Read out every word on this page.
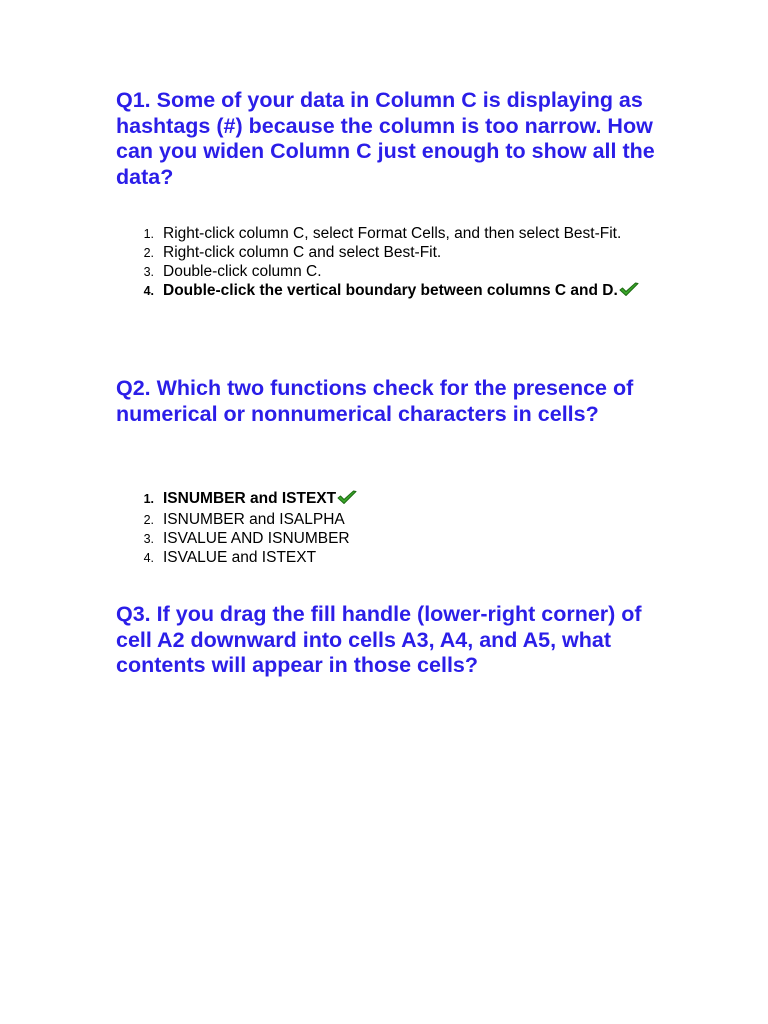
Q1. Some of your data in Column C is displaying as hashtags (#) because the column is too narrow. How can you widen Column C just enough to show all the data?

1. Right-click column C, select Format Cells, and then select Best-Fit.
2. Right-click column C and select Best-Fit.
3. Double-click column C.
4. Double-click the vertical boundary between columns C and D.

Q2. Which two functions check for the presence of numerical or nonnumerical characters in cells?

1. ISNUMBER and ISTEXT
2. ISNUMBER and ISALPHA
3. ISVALUE AND ISNUMBER
4. ISVALUE and ISTEXT

Q3. If you drag the fill handle (lower-right corner) of cell A2 downward into cells A3, A4, and A5, what contents will appear in those cells?
